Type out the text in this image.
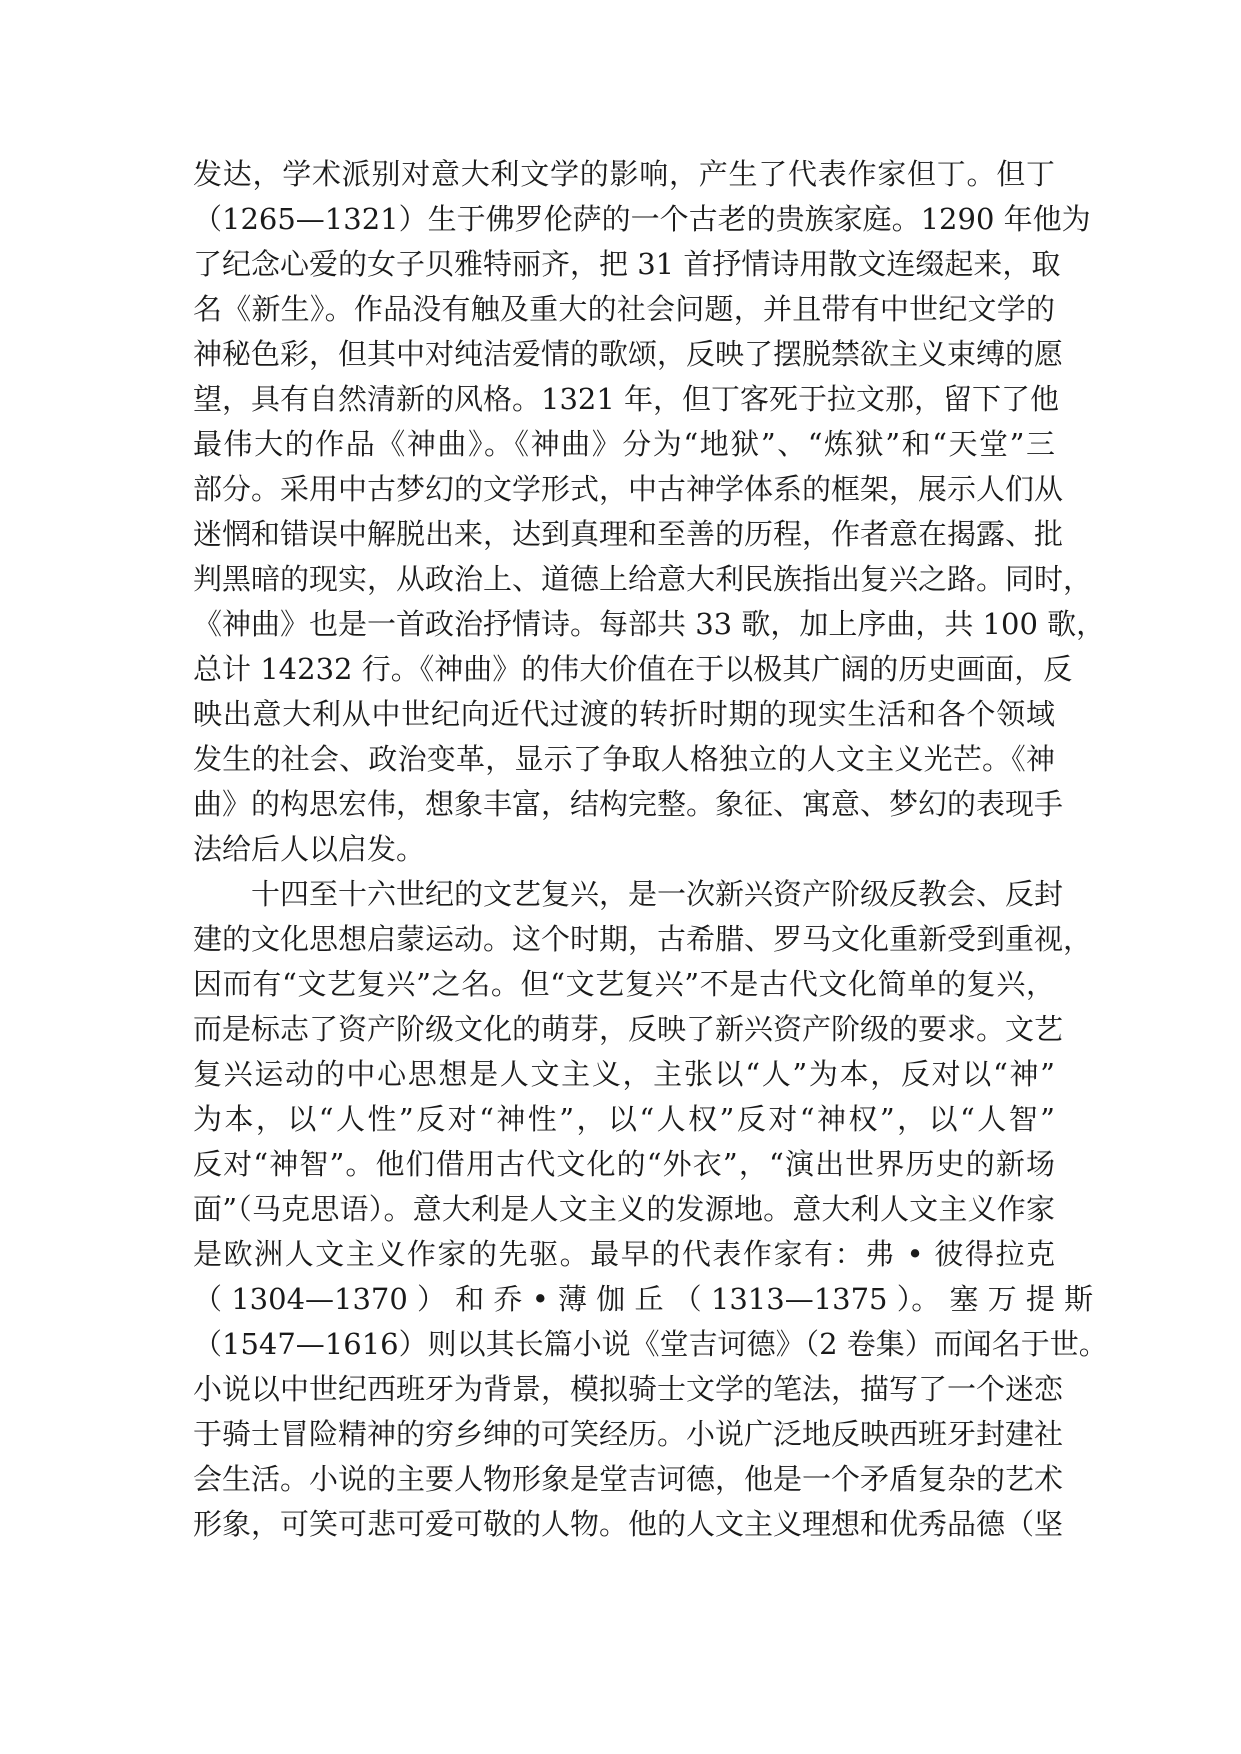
发达，学术派别对意大利文学的影响，产生了代表作家但丁。但丁
（1265—1321）生于佛罗伦萨的一个古老的贵族家庭。1290 年他为
了纪念心爱的女子贝雅特丽齐，把 31 首抒情诗用散文连缀起来，取
名《新生》。作品没有触及重大的社会问题，并且带有中世纪文学的
神秘色彩，但其中对纯洁爱情的歌颂，反映了摆脱禁欲主义束缚的愿
望，具有自然清新的风格。1321 年，但丁客死于拉文那，留下了他
最伟大的作品《神曲》。《神曲》分为“地狱”、“炼狱”和“天堂”三
部分。采用中古梦幻的文学形式，中古神学体系的框架，展示人们从
迷惘和错误中解脱出来，达到真理和至善的历程，作者意在揭露、批
判黑暗的现实，从政治上、道德上给意大利民族指出复兴之路。同时，
《神曲》也是一首政治抒情诗。每部共 33 歌，加上序曲，共 100 歌，
总计 14232 行。《神曲》的伟大价值在于以极其广阔的历史画面，反
映出意大利从中世纪向近代过渡的转折时期的现实生活和各个领域
发生的社会、政治变革，显示了争取人格独立的人文主义光芒。《神
曲》的构思宏伟，想象丰富，结构完整。象征、寓意、梦幻的表现手
法给后人以启发。
十四至十六世纪的文艺复兴，是一次新兴资产阶级反教会、反封
建的文化思想启蒙运动。这个时期，古希腊、罗马文化重新受到重视，
因而有“文艺复兴”之名。但“文艺复兴”不是古代文化简单的复兴，
而是标志了资产阶级文化的萌芽，反映了新兴资产阶级的要求。文艺
复兴运动的中心思想是人文主义，主张以“人”为本，反对以“神”
为本，以“人性”反对“神性”，以“人权”反对“神权”，以“人智”
反对“神智”。他们借用古代文化的“外衣”，“演出世界历史的新场
面”（马克思语）。意大利是人文主义的发源地。意大利人文主义作家
是欧洲人文主义作家的先驱。最早的代表作家有：弗 • 彼得拉克
（ 1304—1370 ） 和 乔 • 薄 伽 丘 （ 1313—1375 ）。 塞 万 提 斯
（1547—1616）则以其长篇小说《堂吉诃德》（2 卷集）而闻名于世。
小说以中世纪西班牙为背景，模拟骑士文学的笔法，描写了一个迷恋
于骑士冒险精神的穷乡绅的可笑经历。小说广泛地反映西班牙封建社
会生活。小说的主要人物形象是堂吉诃德，他是一个矛盾复杂的艺术
形象，可笑可悲可爱可敬的人物。他的人文主义理想和优秀品德（坚
